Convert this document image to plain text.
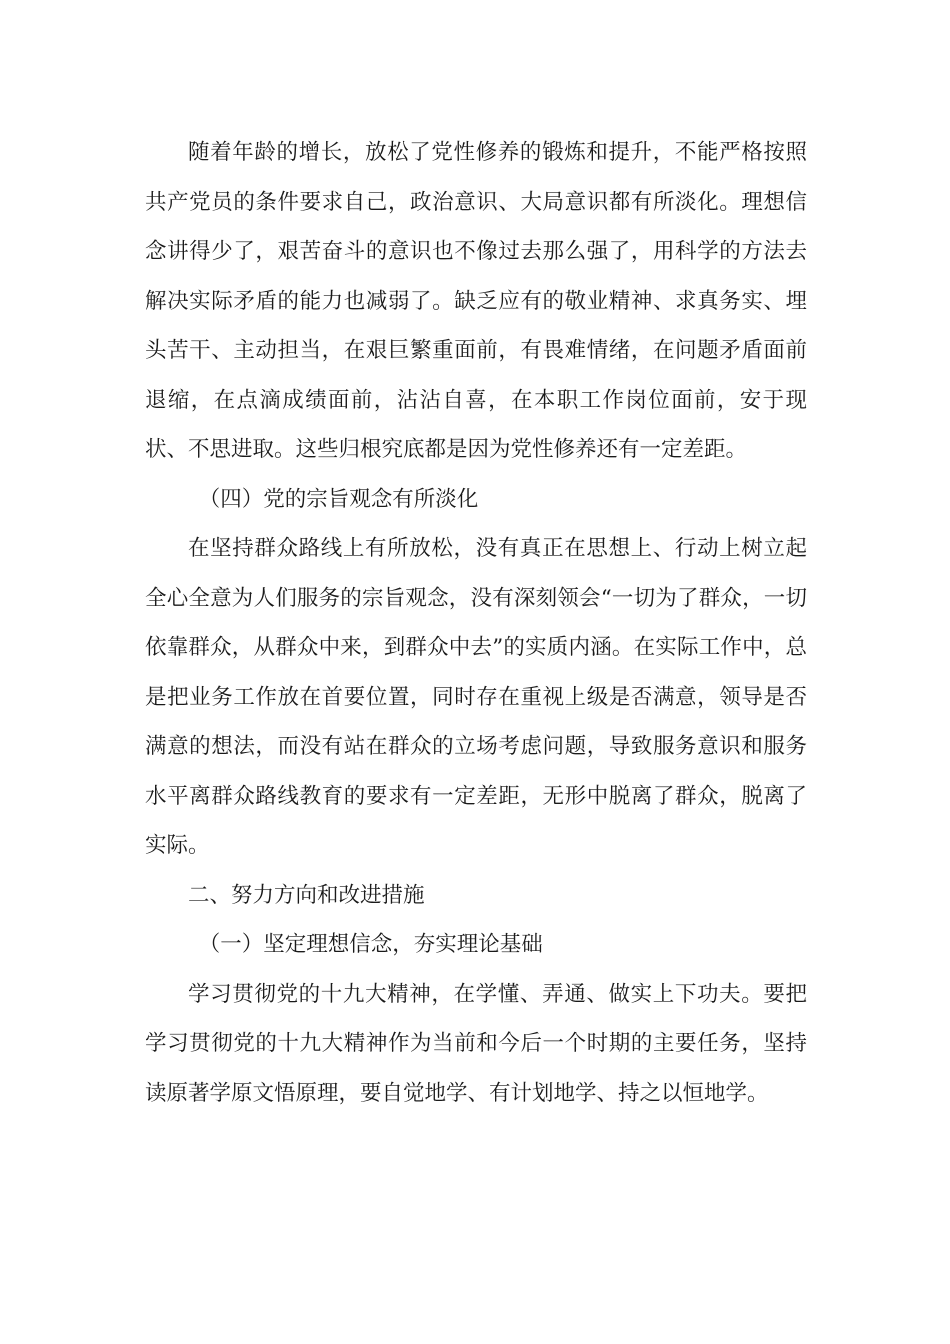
随着年龄的增长，放松了党性修养的锻炼和提升，不能严格按照共产党员的条件要求自己，政治意识、大局意识都有所淡化。理想信念讲得少了，艰苦奋斗的意识也不像过去那么强了，用科学的方法去解决实际矛盾的能力也减弱了。缺乏应有的敬业精神、求真务实、埋头苦干、主动担当，在艰巨繁重面前，有畏难情绪，在问题矛盾面前退缩，在点滴成绩面前，沾沾自喜，在本职工作岗位面前，安于现状、不思进取。这些归根究底都是因为党性修养还有一定差距。

（四）党的宗旨观念有所淡化

在坚持群众路线上有所放松，没有真正在思想上、行动上树立起全心全意为人们服务的宗旨观念，没有深刻领会“一切为了群众，一切依靠群众，从群众中来，到群众中去”的实质内涵。在实际工作中，总是把业务工作放在首要位置，同时存在重视上级是否满意，领导是否满意的想法，而没有站在群众的立场考虑问题，导致服务意识和服务水平离群众路线教育的要求有一定差距，无形中脱离了群众，脱离了实际。

二、努力方向和改进措施

（一）坚定理想信念，夯实理论基础

学习贯彻党的十九大精神，在学懂、弄通、做实上下功夫。要把学习贯彻党的十九大精神作为当前和今后一个时期的主要任务，坚持读原著学原文悟原理，要自觉地学、有计划地学、持之以恒地学。
